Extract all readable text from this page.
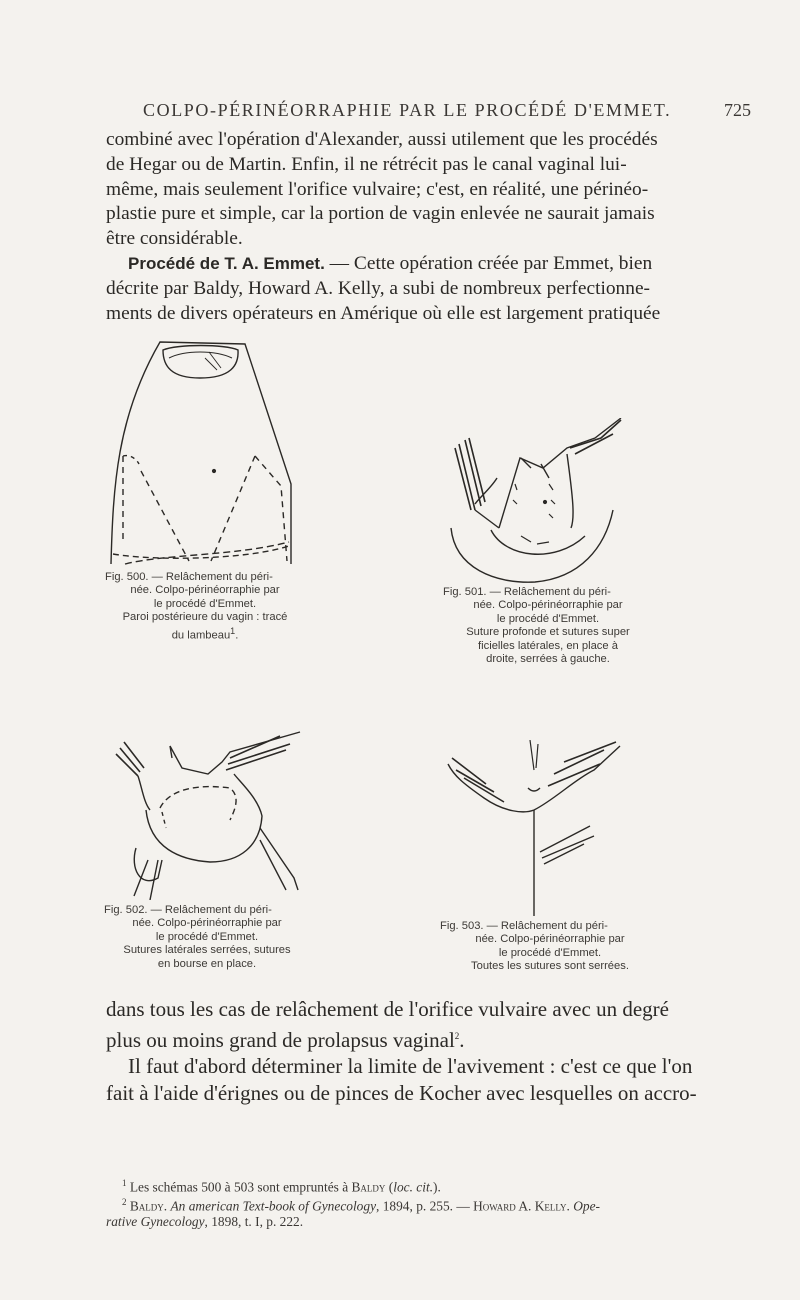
COLPO-PÉRINÉORRAPHIE PAR LE PROCÉDÉ D'EMMET.	725

combiné avec l'opération d'Alexander, aussi utilement que les procédés

de Hegar ou de Martin. Enfin, il ne rétrécit pas le canal vaginal lui-

même, mais seulement l'orifice vulvaire; c'est, en réalité, une périnéo-

plastie pure et simple, car la portion de vagin enlevée ne saurait jamais

être considérable.

Procédé de T. A. Emmet. — Cette opération créée par Emmet, bien

décrite par Baldy, Howard A. Kelly, a subi de nombreux perfectionne-

ments de divers opérateurs en Amérique où elle est largement pratiquée

Fig. 500. — Relâchement du péri-
née. Colpo-périnéorraphie par
le procédé d'Emmet.
Paroi postérieure du vagin : tracé
du lambeau$^1$.
Fig. 501. — Relâchement du péri-
née. Colpo-périnéorraphie par
le procédé d'Emmet.
Suture profonde et sutures super
ficielles latérales, en place à
droite, serrées à gauche.
Fig. 502. — Relâchement du péri-
née. Colpo-périnéorraphie par
le procédé d'Emmet.
Sutures latérales serrées, sutures
en bourse en place.
Fig. 503. — Relâchement du péri-
née. Colpo-périnéorraphie par
le procédé d'Emmet.
Toutes les sutures sont serrées.

dans tous les cas de relâchement de l'orifice vulvaire avec un degré

plus ou moins grand de prolapsus vaginal$^2$.

Il faut d'abord déterminer la limite de l'avivement : c'est ce que l'on

fait à l'aide d'érignes ou de pinces de Kocher avec lesquelles on accro-

$^1$ Les schémas 500 à 503 sont empruntés à Baldy (loc. cit.).

$^2$ Baldy. An american Text-book of Gynecology, 1894, p. 255. — Howard A. Kelly. Ope-

rative Gynecology, 1898, t. I, p. 222.
